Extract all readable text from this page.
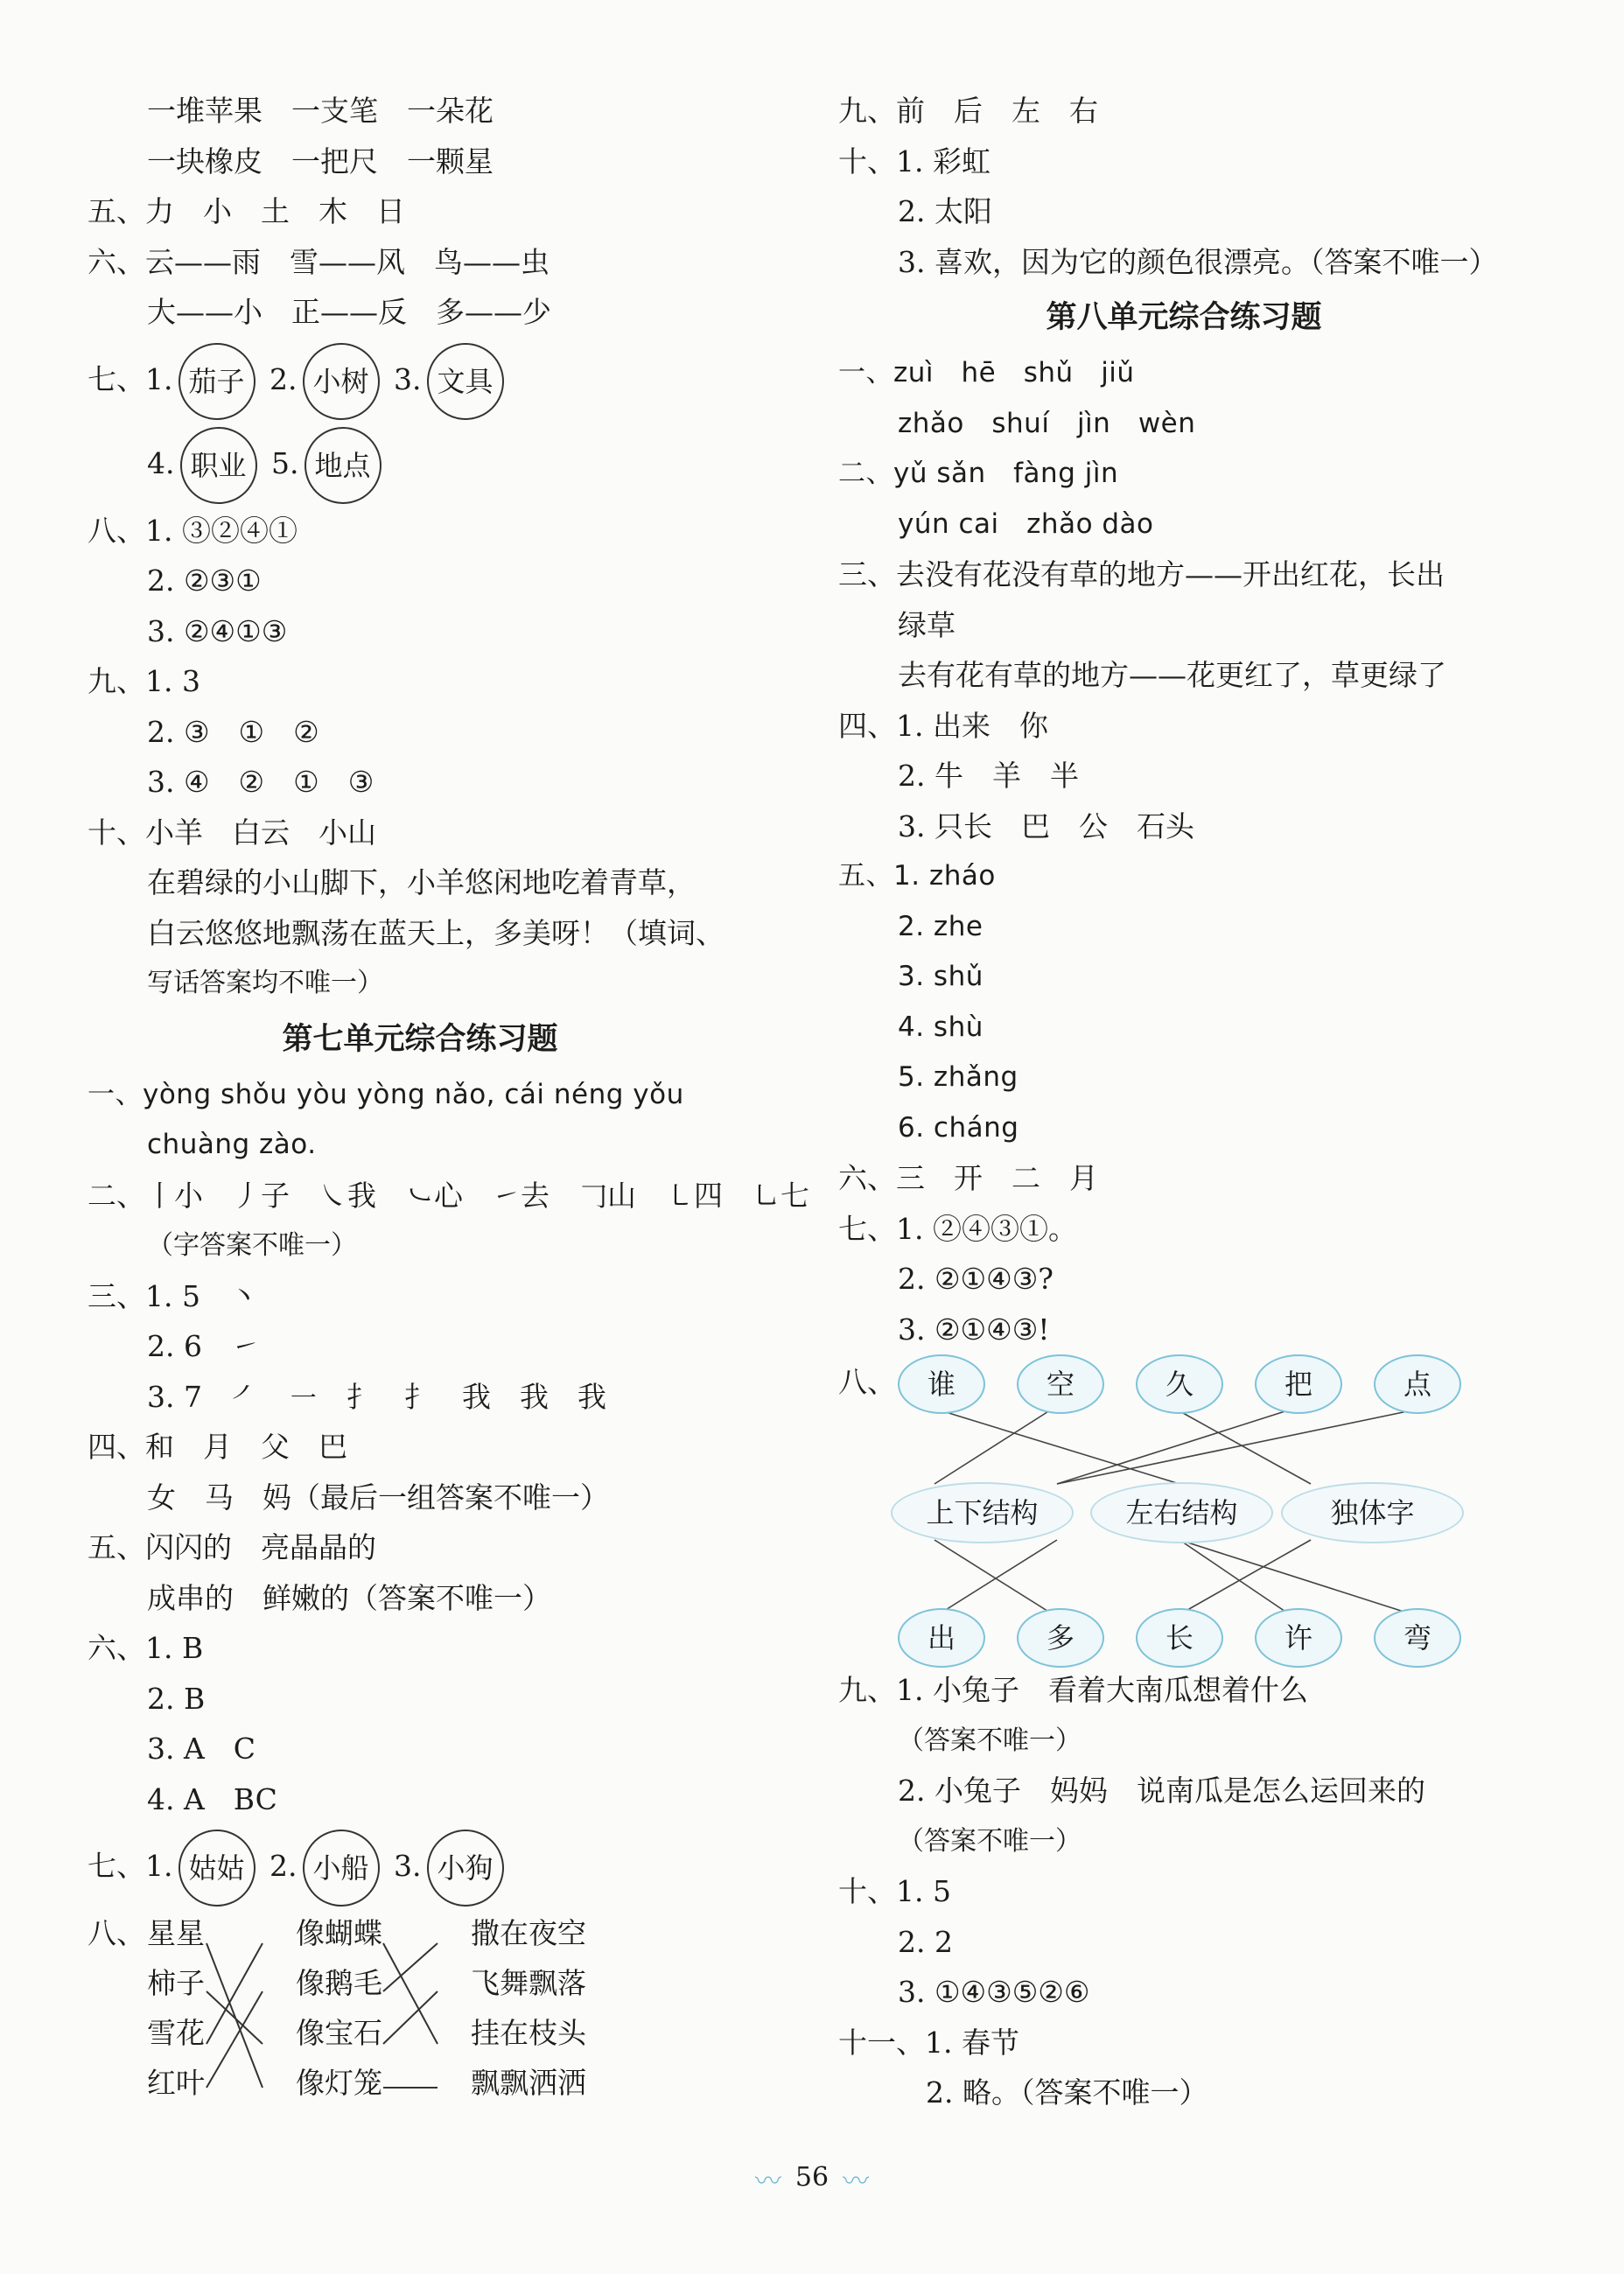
一堆苹果　一支笔　一朵花
一块橡皮　一把尺　一颗星
五、力　小　土　木　日
六、云——雨　雪——风　鸟——虫
大——小　正——反　多——少
七、1. 茄子 2. 小树 3. 文具
4. 职业 5. 地点
八、1. ③②④①
2. ②③①
3. ②④①③
九、1. 3
2. ③　①　②
3. ④　②　①　③
十、小羊　白云　小山
在碧绿的小山脚下，小羊悠闲地吃着青草，
白云悠悠地飘荡在蓝天上，多美呀！（填词、
写话答案均不唯一）
第七单元综合练习题
一、yòng shǒu yòu yòng nǎo, cái néng yǒu
chuàng zào.
二、丨小　丿子　㇏我　㇃心　㇀去　𠃌山　㇄四　㇟七
（字答案不唯一）
三、1. 5　丶
2. 6　㇀
3. 7　㇒　㇐　扌　扌　我　我　我
四、和　月　父　巴
女　马　妈（最后一组答案不唯一）
五、闪闪的　亮晶晶的
成串的　鲜嫩的（答案不唯一）
六、1. B
2. B
3. A　C
4. A　BC
七、1. 姑姑 2. 小船 3. 小狗
八、 星星
柿子
雪花
红叶
像蝴蝶
像鹅毛
像宝石
像灯笼
撒在夜空
飞舞飘落
挂在枝头
飘飘洒洒
九、前　后　左　右
十、1. 彩虹
2. 太阳
3. 喜欢，因为它的颜色很漂亮。（答案不唯一）
第八单元综合练习题
一、zuì　hē　shǔ　jiǔ
zhǎo　shuí　jìn　wèn
二、yǔ sǎn　fàng jìn
yún cai　zhǎo dào
三、去没有花没有草的地方——开出红花，长出
绿草
去有花有草的地方——花更红了，草更绿了
四、1. 出来　你
2. 牛　羊　半
3. 只长　巴　公　石头
五、1. zháo
2. zhe
3. shǔ
4. shù
5. zhǎng
6. cháng
六、三　开　二　月
七、1. ②④③①。
2. ②①④③?
3. ②①④③!
八、	谁	空	久	把	点
上下结构	左右结构	独体字
出	多	长	许	弯
九、1. 小兔子　看着大南瓜想着什么
（答案不唯一）
2. 小兔子　妈妈　说南瓜是怎么运回来的
（答案不唯一）
十、1. 5
2. 2
3. ①④③⑤②⑥
十一、1. 春节
2. 略。（答案不唯一）
〰 56 〰
